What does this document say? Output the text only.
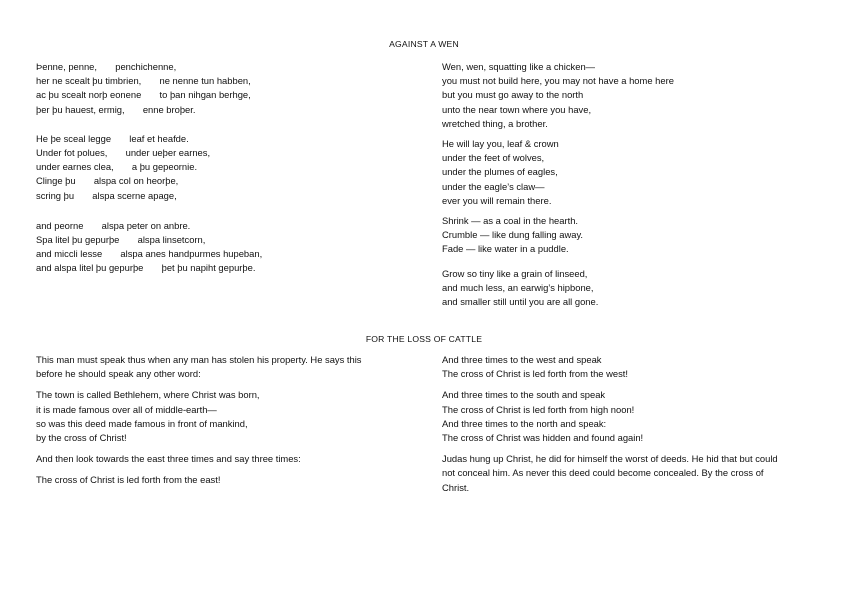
AGAINST A WEN
Þenne, penne,       penchichenne,
her ne scealt þu timbrien,       ne nenne tun habben,
ac þu scealt norþ eonene       to þan nihgan berhge,
þer þu hauest, ermig,       enne broþer.
He þe sceal legge       leaf et heafde.
Under fot polues,       under ueþer earnes,
under earnes clea,       a þu gepeornie.
Clinge þu       alspa col on heorþe,
scring þu       alspa scerne apage,
and peorne       alspa peter on anbre.
Spa litel þu gepurþe       alspa linsetcorn,
and miccli lesse       alspa anes handpurmes hupeban,
and alspa litel þu gepurþe       þet þu napiht gepurþe.
Wen, wen, squatting like a chicken—
you must not build here, you may not have a home here
but you must go away to the north
unto the near town where you have,
wretched thing, a brother.
He will lay you, leaf & crown
under the feet of wolves,
under the plumes of eagles,
under the eagle’s claw—
ever you will remain there.
Shrink — as a coal in the hearth.
Crumble — like dung falling away.
Fade — like water in a puddle.
Grow so tiny like a grain of linseed,
and much less, an earwig’s hipbone,
and smaller still until you are all gone.
FOR THE LOSS OF CATTLE
This man must speak thus when any man has stolen his property. He says this
before he should speak any other word:
The town is called Bethlehem, where Christ was born,
it is made famous over all of middle-earth—
so was this deed made famous in front of mankind,
by the cross of Christ!
And then look towards the east three times and say three times:
The cross of Christ is led forth from the east!
And three times to the west and speak
The cross of Christ is led forth from the west!
And three times to the south and speak
The cross of Christ is led forth from high noon!
And three times to the north and speak:
The cross of Christ was hidden and found again!
Judas hung up Christ, he did for himself the worst of deeds. He hid that but could
not conceal him. As never this deed could become concealed. By the cross of
Christ.
